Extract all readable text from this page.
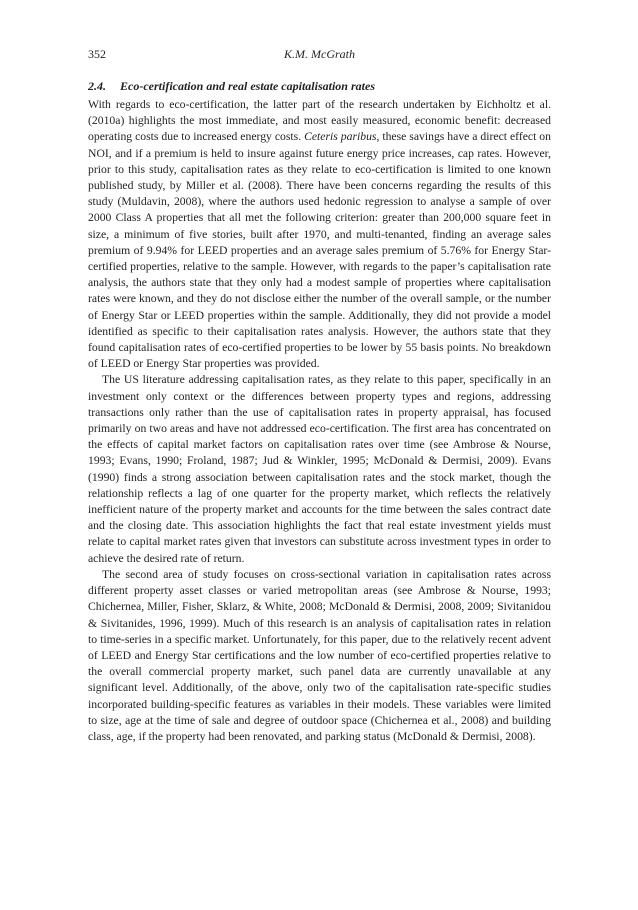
352	K.M. McGrath
2.4. Eco-certification and real estate capitalisation rates

With regards to eco-certification, the latter part of the research undertaken by Eichholtz et al. (2010a) highlights the most immediate, and most easily measured, economic benefit: decreased operating costs due to increased energy costs. Ceteris paribus, these savings have a direct effect on NOI, and if a premium is held to insure against future energy price increases, cap rates. However, prior to this study, capitalisation rates as they relate to eco-certification is limited to one known published study, by Miller et al. (2008). There have been concerns regarding the results of this study (Muldavin, 2008), where the authors used hedonic regression to analyse a sample of over 2000 Class A properties that all met the following criterion: greater than 200,000 square feet in size, a minimum of five stories, built after 1970, and multi-tenanted, finding an average sales premium of 9.94% for LEED properties and an average sales premium of 5.76% for Energy Star-certified properties, relative to the sample. However, with regards to the paper’s capitalisation rate analysis, the authors state that they only had a modest sample of properties where capitalisation rates were known, and they do not disclose either the number of the overall sample, or the number of Energy Star or LEED properties within the sample. Additionally, they did not provide a model identified as specific to their capitalisation rates analysis. However, the authors state that they found capitalisation rates of eco-certified properties to be lower by 55 basis points. No breakdown of LEED or Energy Star properties was provided.

The US literature addressing capitalisation rates, as they relate to this paper, specifically in an investment only context or the differences between property types and regions, addressing transactions only rather than the use of capitalisation rates in property appraisal, has focused primarily on two areas and have not addressed eco-certification. The first area has concentrated on the effects of capital market factors on capitalisation rates over time (see Ambrose & Nourse, 1993; Evans, 1990; Froland, 1987; Jud & Winkler, 1995; McDonald & Dermisi, 2009). Evans (1990) finds a strong association between capitalisation rates and the stock market, though the relationship reflects a lag of one quarter for the property market, which reflects the relatively inefficient nature of the property market and accounts for the time between the sales contract date and the closing date. This association highlights the fact that real estate investment yields must relate to capital market rates given that investors can substitute across investment types in order to achieve the desired rate of return.

The second area of study focuses on cross-sectional variation in capitalisation rates across different property asset classes or varied metropolitan areas (see Ambrose & Nourse, 1993; Chichernea, Miller, Fisher, Sklarz, & White, 2008; McDonald & Dermisi, 2008, 2009; Sivitanidou & Sivitanides, 1996, 1999). Much of this research is an analysis of capitalisation rates in relation to time-series in a specific market. Unfortunately, for this paper, due to the relatively recent advent of LEED and Energy Star certifications and the low number of eco-certified properties relative to the overall commercial property market, such panel data are currently unavailable at any significant level. Additionally, of the above, only two of the capitalisation rate-specific studies incorporated building-specific features as variables in their models. These variables were limited to size, age at the time of sale and degree of outdoor space (Chichernea et al., 2008) and building class, age, if the property had been renovated, and parking status (McDonald & Dermisi, 2008).
